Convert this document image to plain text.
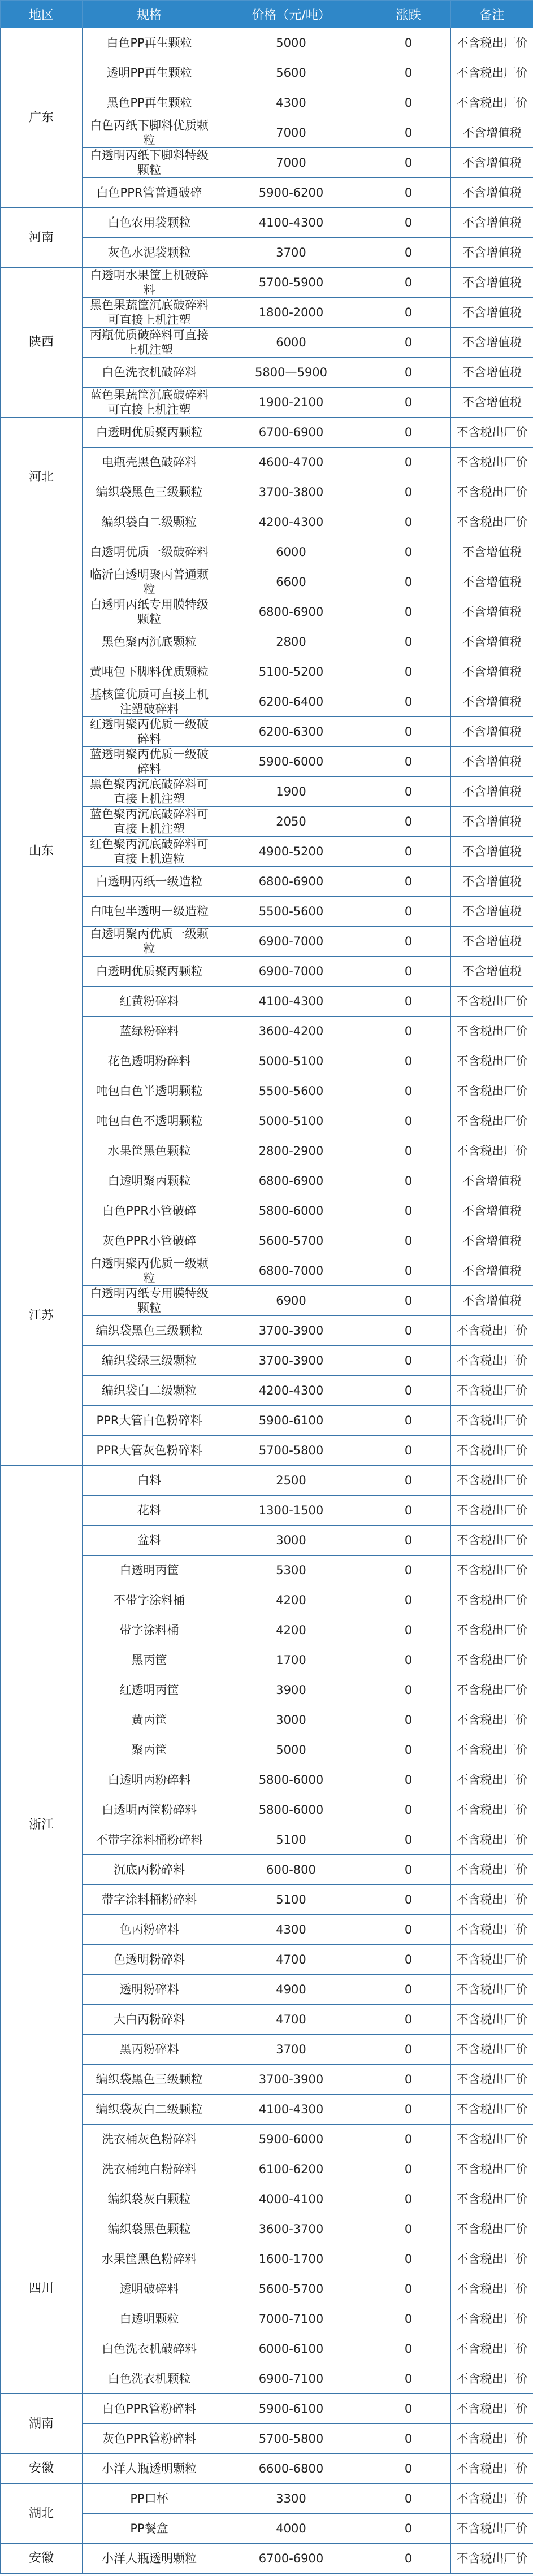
地区	规格	价格（元/吨）	涨跌	备注
广东	白色PP再生颗粒	5000	0	不含税出厂价
	透明PP再生颗粒	5600	0	不含税出厂价
	黑色PP再生颗粒	4300	0	不含税出厂价
	白色丙纸下脚料优质颗粒	7000	0	不含增值税
	白透明丙纸下脚料特级颗粒	7000	0	不含增值税
	白色PPR管普通破碎	5900-6200	0	不含增值税
河南	白色农用袋颗粒	4100-4300	0	不含增值税
	灰色水泥袋颗粒	3700	0	不含增值税
陕西	白透明水果筐上机破碎料	5700-5900	0	不含增值税
	黑色果蔬筐沉底破碎料可直接上机注塑	1800-2000	0	不含增值税
	丙瓶优质破碎料可直接上机注塑	6000	0	不含增值税
	白色洗衣机破碎料	5800—5900	0	不含增值税
	蓝色果蔬筐沉底破碎料可直接上机注塑	1900-2100	0	不含增值税
河北	白透明优质聚丙颗粒	6700-6900	0	不含税出厂价
	电瓶壳黑色破碎料	4600-4700	0	不含税出厂价
	编织袋黑色三级颗粒	3700-3800	0	不含税出厂价
	编织袋白二级颗粒	4200-4300	0	不含税出厂价
山东	白透明优质一级破碎料	6000	0	不含增值税
	临沂白透明聚丙普通颗粒	6600	0	不含增值税
	白透明丙纸专用膜特级颗粒	6800-6900	0	不含增值税
	黑色聚丙沉底颗粒	2800	0	不含增值税
	黄吨包下脚料优质颗粒	5100-5200	0	不含增值税
	基核筐优质可直接上机注塑破碎料	6200-6400	0	不含增值税
	红透明聚丙优质一级破碎料	6200-6300	0	不含增值税
	蓝透明聚丙优质一级破碎料	5900-6000	0	不含增值税
	黑色聚丙沉底破碎料可直接上机注塑	1900	0	不含增值税
	蓝色聚丙沉底破碎料可直接上机注塑	2050	0	不含增值税
	红色聚丙沉底破碎料可直接上机造粒	4900-5200	0	不含增值税
	白透明丙纸一级造粒	6800-6900	0	不含增值税
	白吨包半透明一级造粒	5500-5600	0	不含增值税
	白透明聚丙优质一级颗粒	6900-7000	0	不含增值税
	白透明优质聚丙颗粒	6900-7000	0	不含增值税
	红黄粉碎料	4100-4300	0	不含税出厂价
	蓝绿粉碎料	3600-4200	0	不含税出厂价
	花色透明粉碎料	5000-5100	0	不含税出厂价
	吨包白色半透明颗粒	5500-5600	0	不含税出厂价
	吨包白色不透明颗粒	5000-5100	0	不含税出厂价
	水果筐黑色颗粒	2800-2900	0	不含税出厂价
江苏	白透明聚丙颗粒	6800-6900	0	不含增值税
	白色PPR小管破碎	5800-6000	0	不含增值税
	灰色PPR小管破碎	5600-5700	0	不含增值税
	白透明聚丙优质一级颗粒	6800-7000	0	不含增值税
	白透明丙纸专用膜特级颗粒	6900	0	不含增值税
	编织袋黑色三级颗粒	3700-3900	0	不含税出厂价
	编织袋绿三级颗粒	3700-3900	0	不含税出厂价
	编织袋白二级颗粒	4200-4300	0	不含税出厂价
	PPR大管白色粉碎料	5900-6100	0	不含税出厂价
	PPR大管灰色粉碎料	5700-5800	0	不含税出厂价
浙江	白料	2500	0	不含税出厂价
	花料	1300-1500	0	不含税出厂价
	盆料	3000	0	不含税出厂价
	白透明丙筐	5300	0	不含税出厂价
	不带字涂料桶	4200	0	不含税出厂价
	带字涂料桶	4200	0	不含税出厂价
	黑丙筐	1700	0	不含税出厂价
	红透明丙筐	3900	0	不含税出厂价
	黄丙筐	3000	0	不含税出厂价
	聚丙筐	5000	0	不含税出厂价
	白透明丙粉碎料	5800-6000	0	不含税出厂价
	白透明丙筐粉碎料	5800-6000	0	不含税出厂价
	不带字涂料桶粉碎料	5100	0	不含税出厂价
	沉底丙粉碎料	600-800	0	不含税出厂价
	带字涂料桶粉碎料	5100	0	不含税出厂价
	色丙粉碎料	4300	0	不含税出厂价
	色透明粉碎料	4700	0	不含税出厂价
	透明粉碎料	4900	0	不含税出厂价
	大白丙粉碎料	4700	0	不含税出厂价
	黑丙粉碎料	3700	0	不含税出厂价
	编织袋黑色三级颗粒	3700-3900	0	不含税出厂价
	编织袋灰白二级颗粒	4100-4300	0	不含税出厂价
	洗衣桶灰色粉碎料	5900-6000	0	不含税出厂价
	洗衣桶纯白粉碎料	6100-6200	0	不含税出厂价
四川	编织袋灰白颗粒	4000-4100	0	不含税出厂价
	编织袋黑色颗粒	3600-3700	0	不含税出厂价
	水果筐黑色粉碎料	1600-1700	0	不含税出厂价
	透明破碎料	5600-5700	0	不含税出厂价
	白透明颗粒	7000-7100	0	不含税出厂价
	白色洗衣机破碎料	6000-6100	0	不含税出厂价
	白色洗衣机颗粒	6900-7100	0	不含税出厂价
湖南	白色PPR管粉碎料	5900-6100	0	不含税出厂价
	灰色PPR管粉碎料	5700-5800	0	不含税出厂价
安徽	小洋人瓶透明颗粒	6600-6800	0	不含税出厂价
湖北	PP口杯	3300	0	不含税出厂价
	PP餐盒	4000	0	不含税出厂价
安徽	小洋人瓶透明颗粒	6700-6900	0	不含税出厂价
